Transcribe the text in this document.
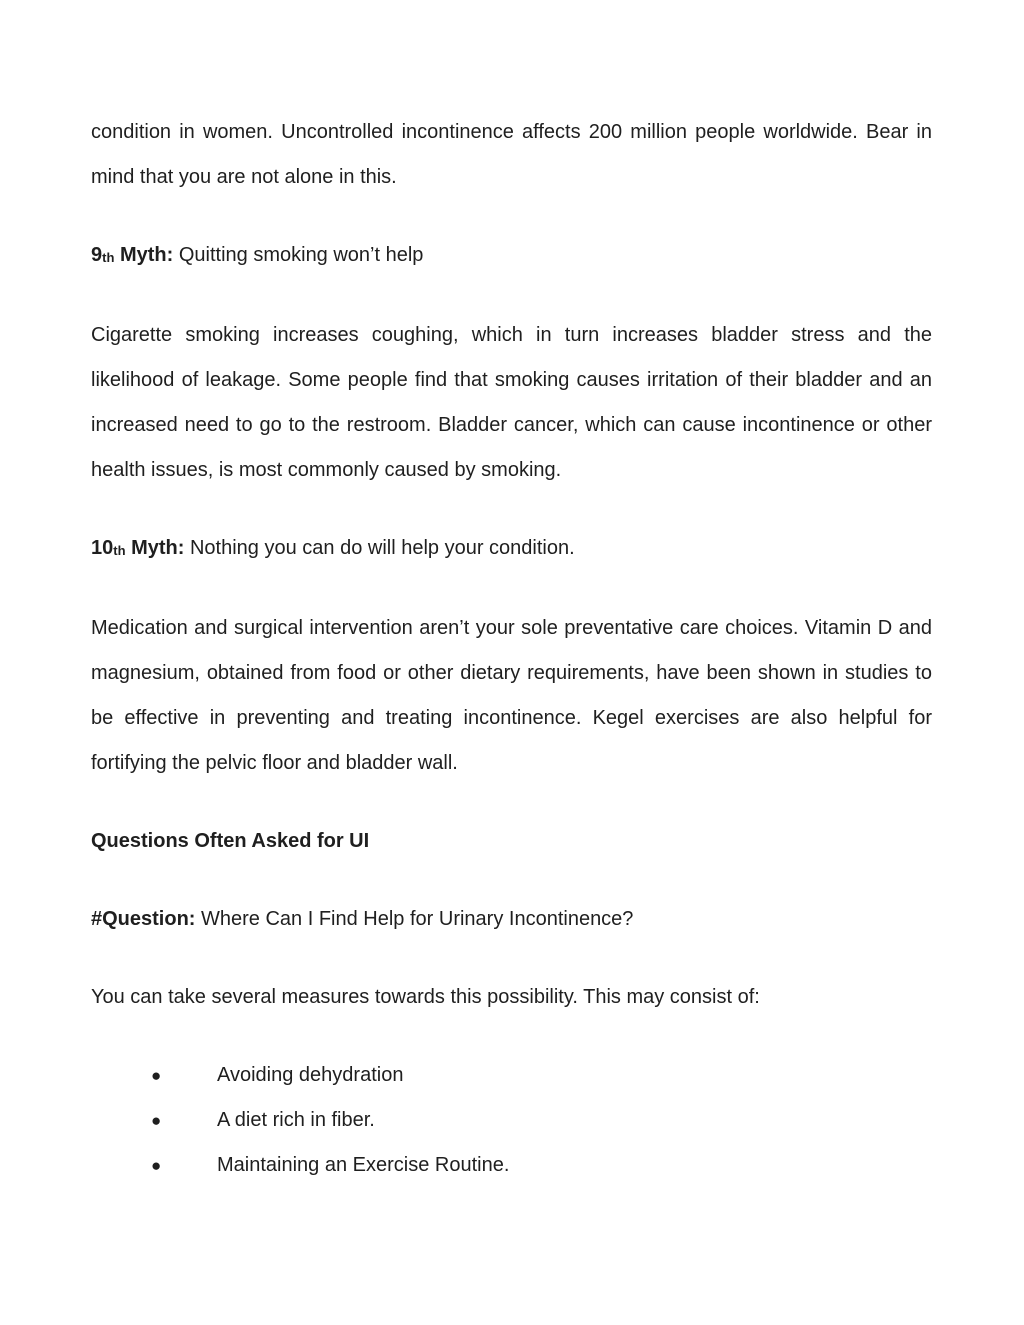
condition in women. Uncontrolled incontinence affects 200 million people worldwide. Bear in mind that you are not alone in this.

9th Myth: Quitting smoking won’t help

Cigarette smoking increases coughing, which in turn increases bladder stress and the likelihood of leakage. Some people find that smoking causes irritation of their bladder and an increased need to go to the restroom. Bladder cancer, which can cause incontinence or other health issues, is most commonly caused by smoking.

10th Myth: Nothing you can do will help your condition.

Medication and surgical intervention aren’t your sole preventative care choices. Vitamin D and magnesium, obtained from food or other dietary requirements, have been shown in studies to be effective in preventing and treating incontinence. Kegel exercises are also helpful for fortifying the pelvic floor and bladder wall.

Questions Often Asked for UI

#Question: Where Can I Find Help for Urinary Incontinence?

You can take several measures towards this possibility. This may consist of:

●	Avoiding dehydration
●	A diet rich in fiber.
●	Maintaining an Exercise Routine.
